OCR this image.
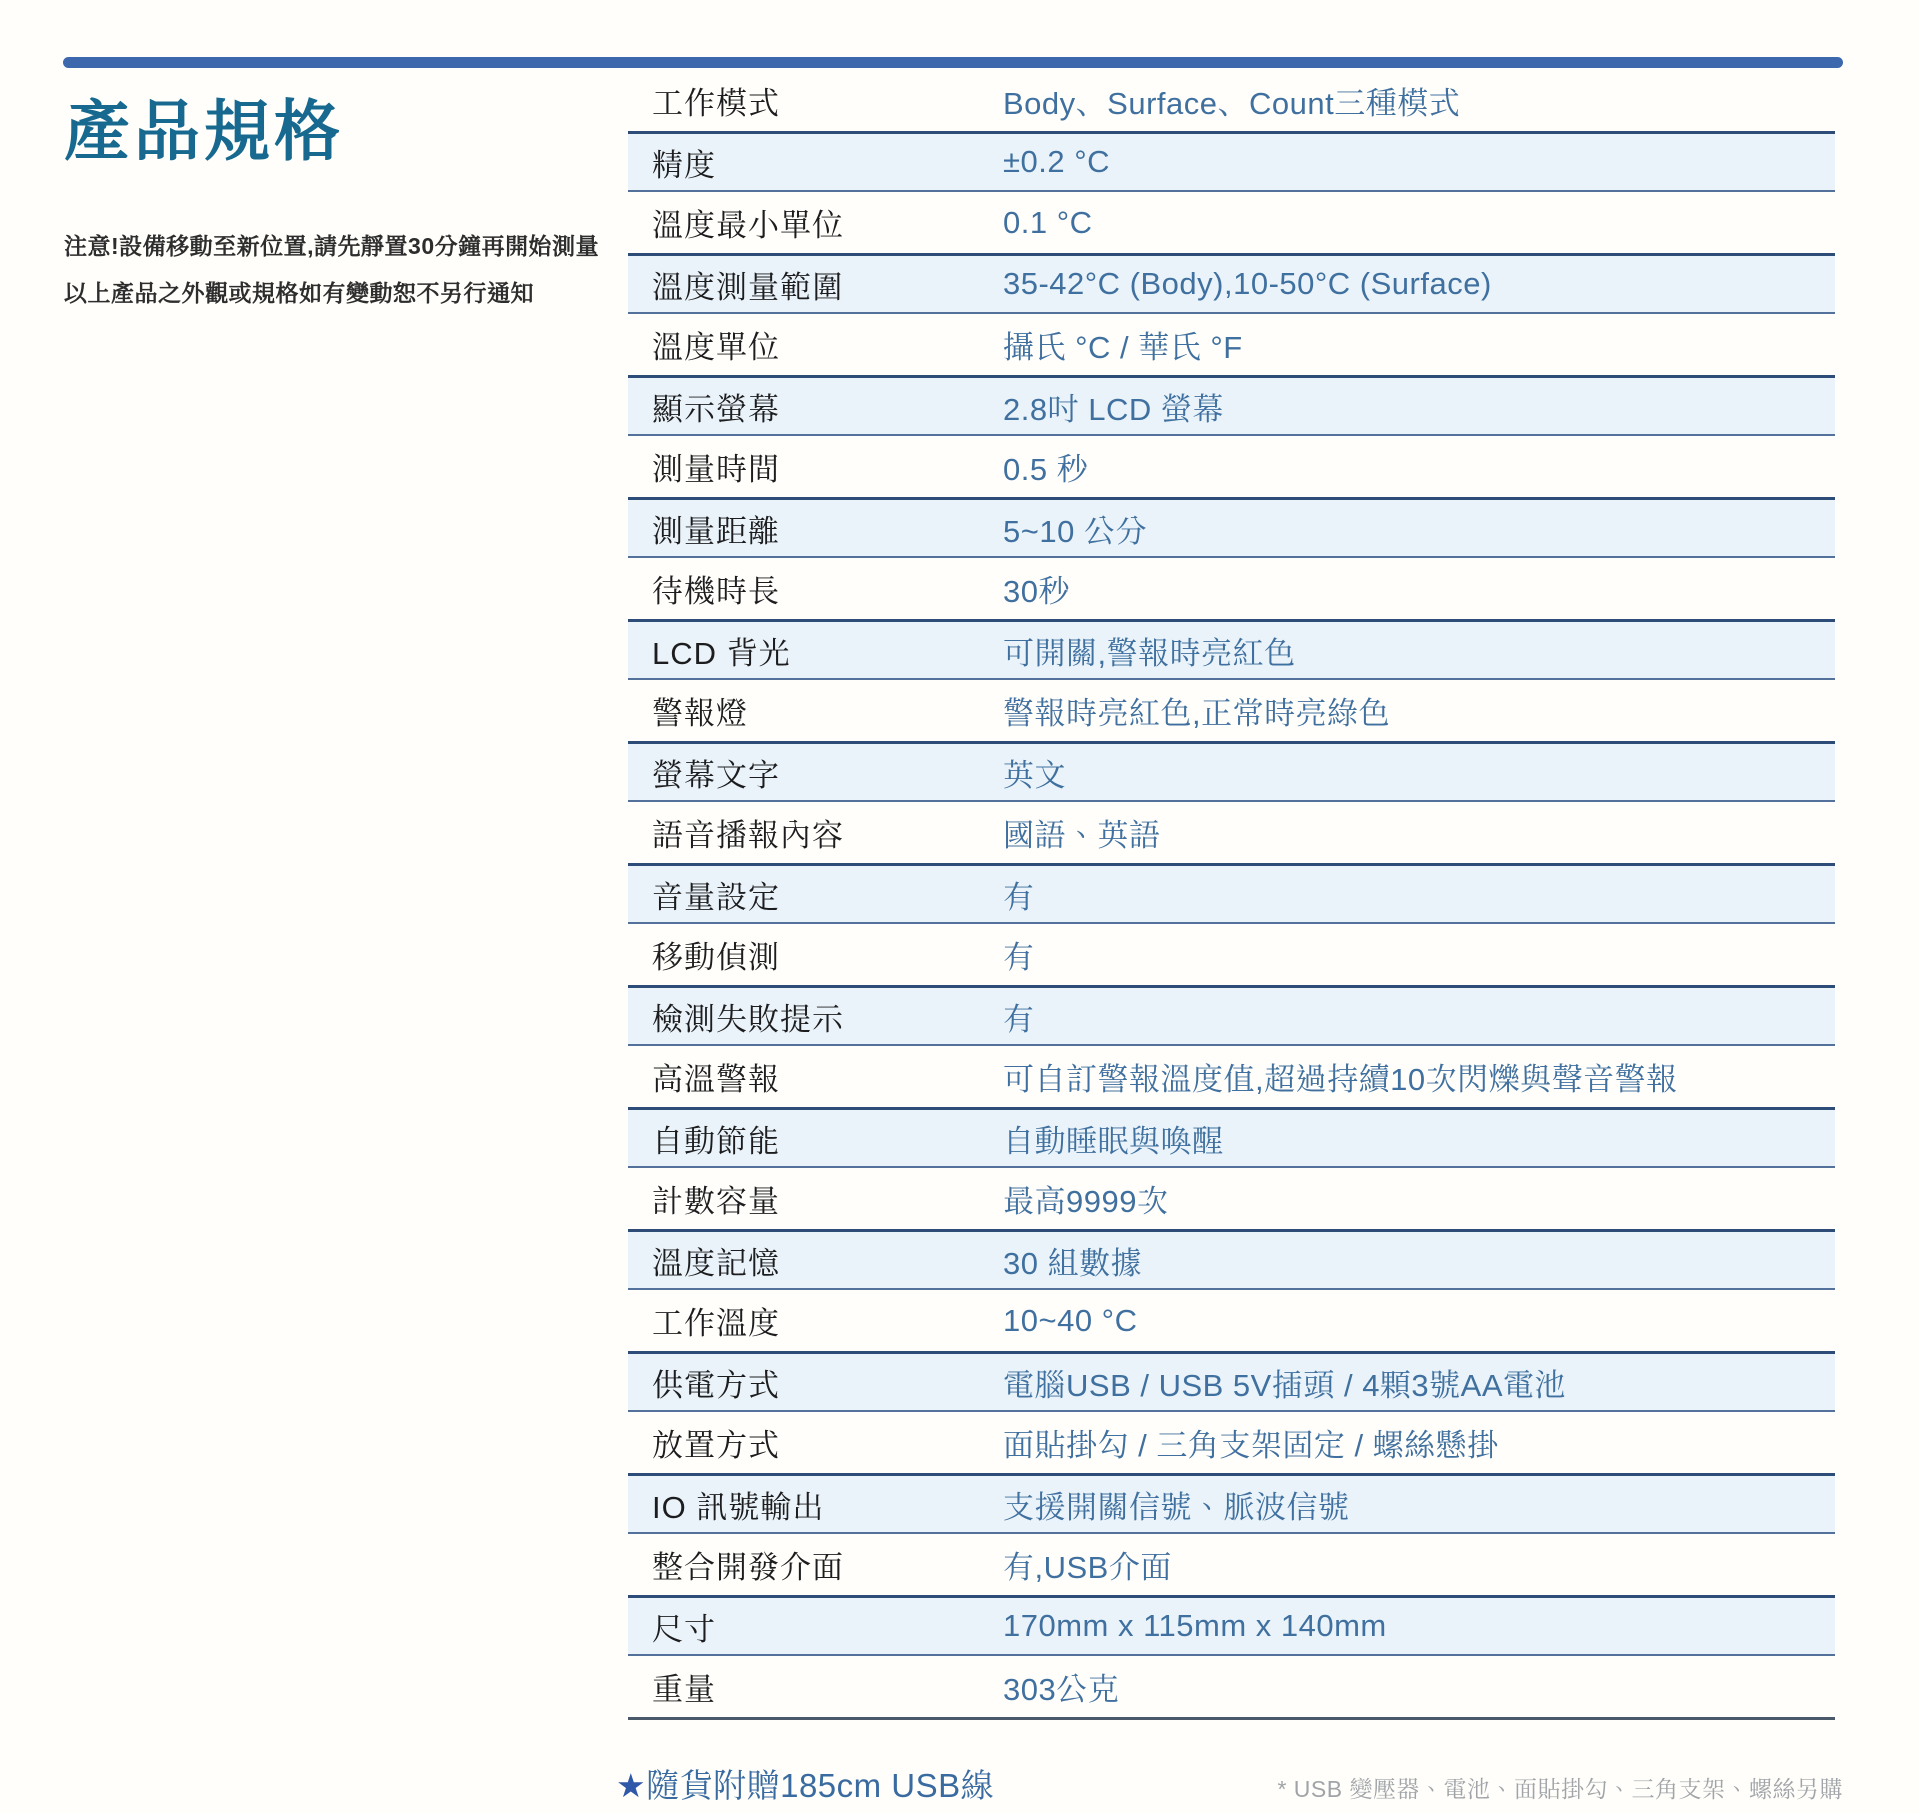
產品規格
注意!設備移動至新位置,請先靜置30分鐘再開始測量
以上產品之外觀或規格如有變動恕不另行通知
工作模式	Body、Surface、Count三種模式
精度	±0.2 °C
溫度最小單位	0.1 °C
溫度測量範圍	35-42°C (Body),10-50°C (Surface)
溫度單位	攝氏 °C / 華氏 °F
顯示螢幕	2.8吋 LCD 螢幕
測量時間	0.5 秒
測量距離	5~10 公分
待機時長	30秒
LCD 背光	可開關,警報時亮紅色
警報燈	警報時亮紅色,正常時亮綠色
螢幕文字	英文
語音播報內容	國語、英語
音量設定	有
移動偵測	有
檢測失敗提示	有
高溫警報	可自訂警報溫度值,超過持續10次閃爍與聲音警報
自動節能	自動睡眠與喚醒
計數容量	最高9999次
溫度記憶	30 組數據
工作溫度	10~40 °C
供電方式	電腦USB / USB 5V插頭 / 4顆3號AA電池
放置方式	面貼掛勾 / 三角支架固定 / 螺絲懸掛
IO 訊號輸出	支援開關信號、脈波信號
整合開發介面	有,USB介面
尺寸	170mm x 115mm x 140mm
重量	303公克
★隨貨附贈185cm USB線	* USB 變壓器、電池、面貼掛勾、三角支架、螺絲另購
